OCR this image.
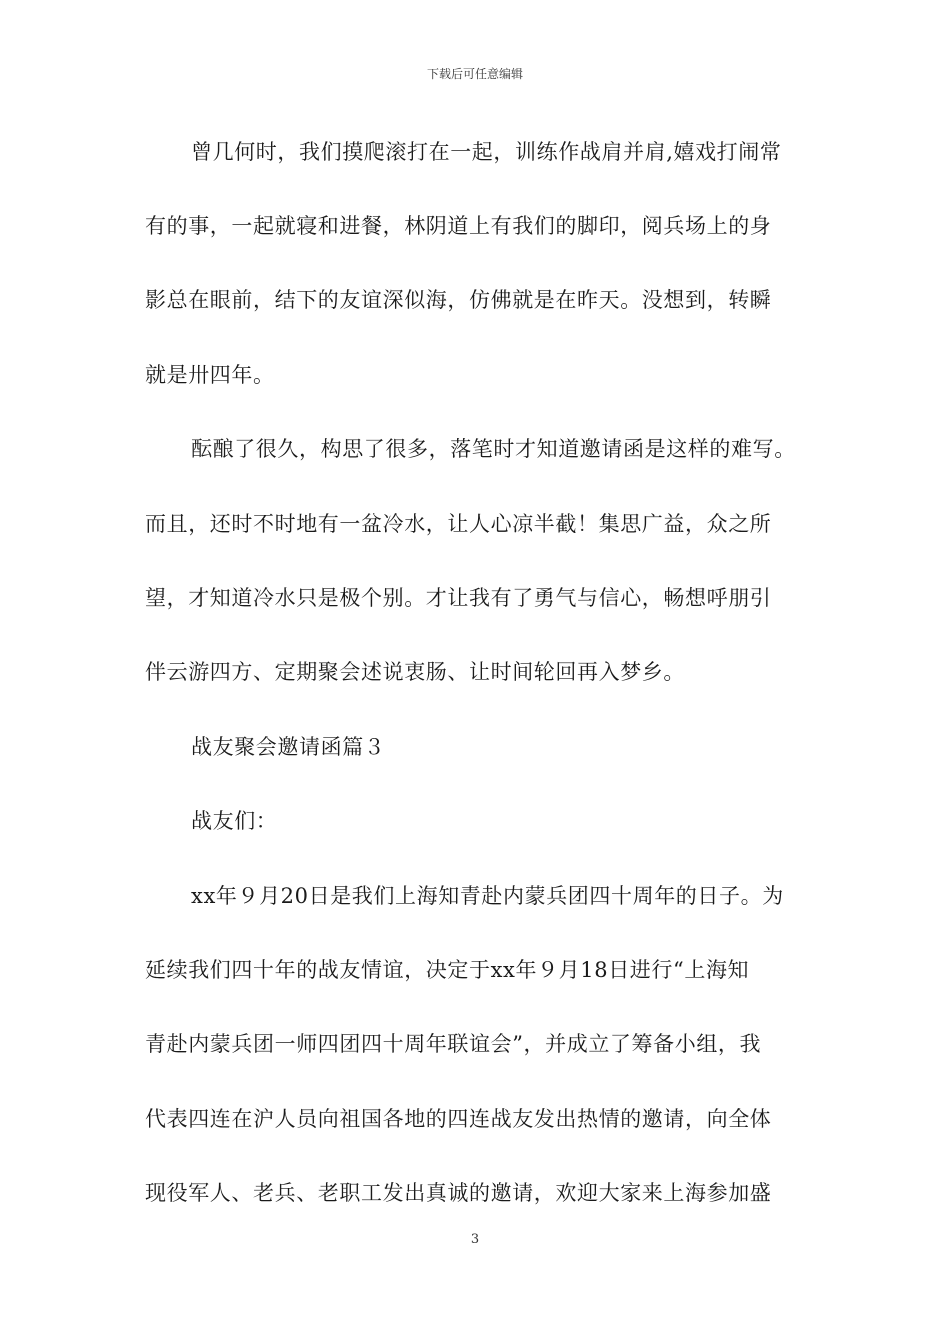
下载后可任意编辑
曾几何时，我们摸爬滚打在一起，训练作战肩并肩,嬉戏打闹常
有的事，一起就寝和进餐，林阴道上有我们的脚印，阅兵场上的身
影总在眼前，结下的友谊深似海，仿佛就是在昨天。没想到，转瞬
就是卅四年。
酝酿了很久，构思了很多，落笔时才知道邀请函是这样的难写。
而且，还时不时地有一盆冷水，让人心凉半截！集思广益，众之所
望，才知道冷水只是极个别。才让我有了勇气与信心，畅想呼朋引
伴云游四方、定期聚会述说衷肠、让时间轮回再入梦乡。
战友聚会邀请函篇３
战友们：
xx年９月20日是我们上海知青赴内蒙兵团四十周年的日子。为
延续我们四十年的战友情谊，决定于xx年９月18日进行“上海知
青赴内蒙兵团一师四团四十周年联谊会”，并成立了筹备小组，我
代表四连在沪人员向祖国各地的四连战友发出热情的邀请，向全体
现役军人、老兵、老职工发出真诚的邀请，欢迎大家来上海参加盛
3
